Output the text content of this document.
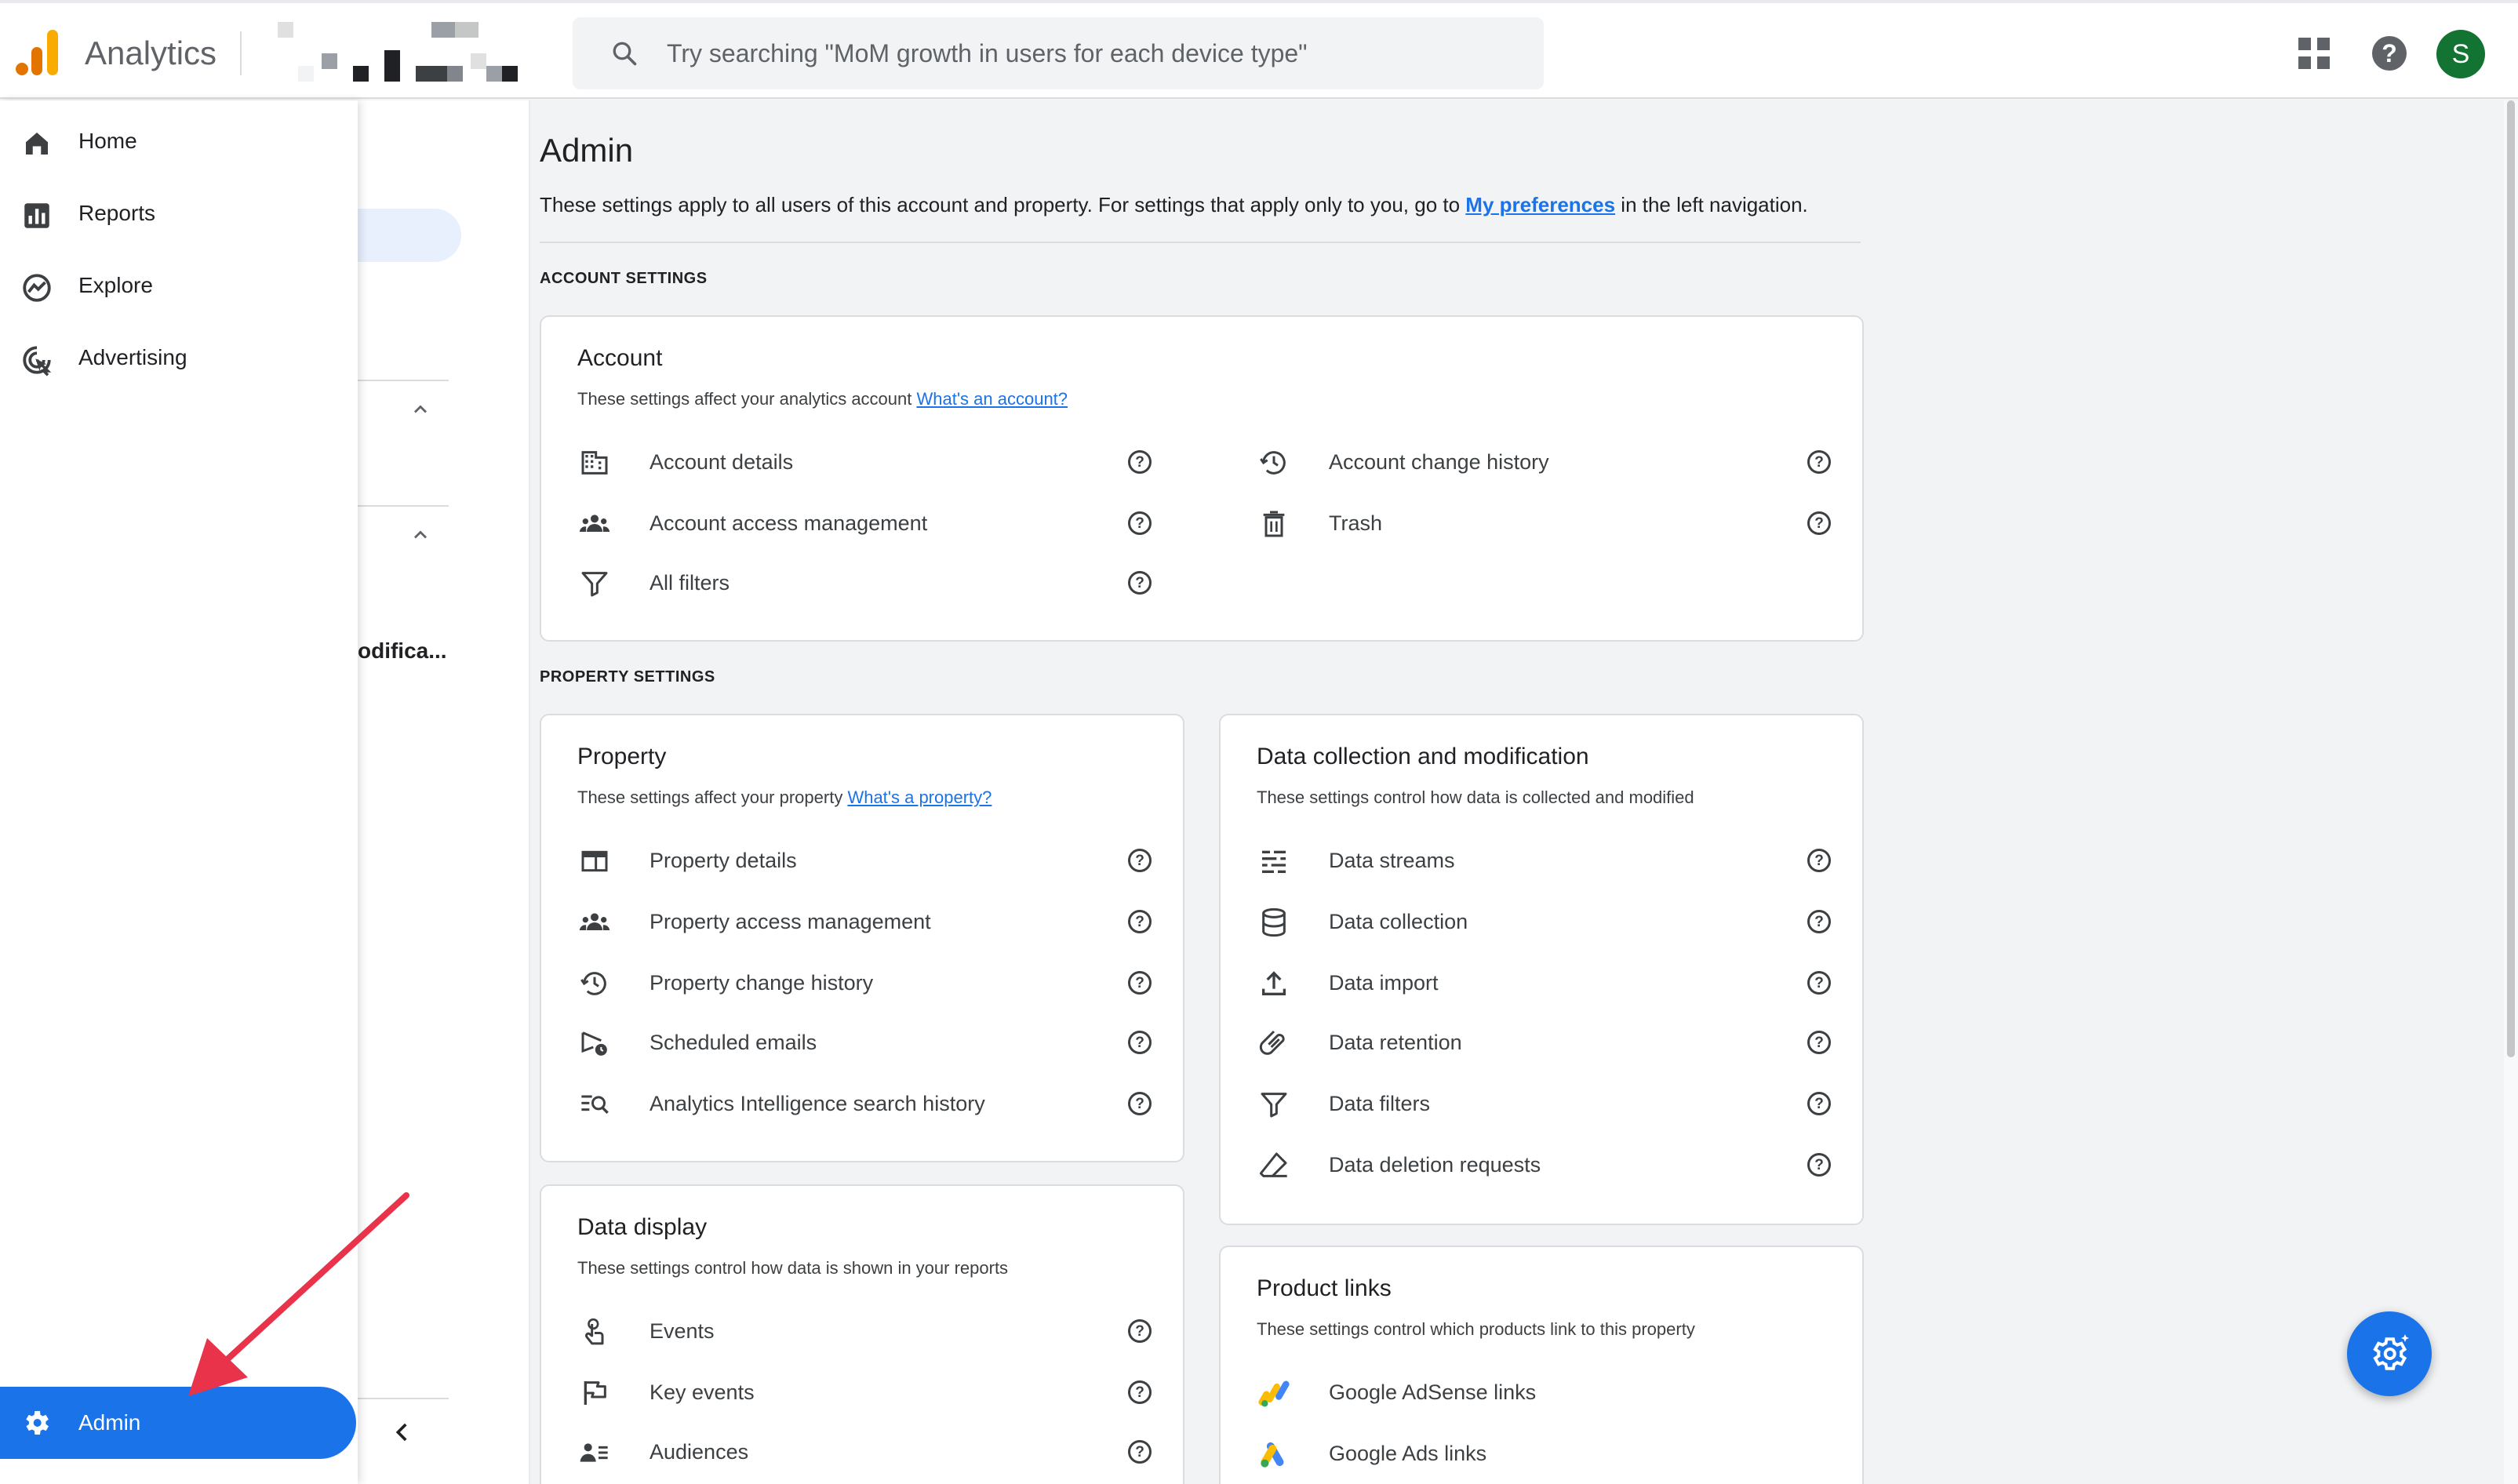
Analytics
Try searching "MoM growth in users for each device type"	?	S
odifica...
Home
Reports
Explore
Advertising
Admin
Admin
These settings apply to all users of this account and property. For settings that apply only to you, go to My preferences in the left navigation.
ACCOUNT SETTINGS
Account
These settings affect your analytics account What's an account?
Account details	?
Account access management	?
All filters	?
Account change history	?
Trash	?
PROPERTY SETTINGS
Property
These settings affect your property What's a property?
Property details	?
Property access management	?
Property change history	?
Scheduled emails	?
Analytics Intelligence search history	?
Data collection and modification
These settings control how data is collected and modified
Data streams	?
Data collection	?
Data import	?
Data retention	?
Data filters	?
Data deletion requests	?
Data display
These settings control how data is shown in your reports
Events	?
Key events	?
Audiences	?
Product links
These settings control which products link to this property
Google AdSense links
Google Ads links
